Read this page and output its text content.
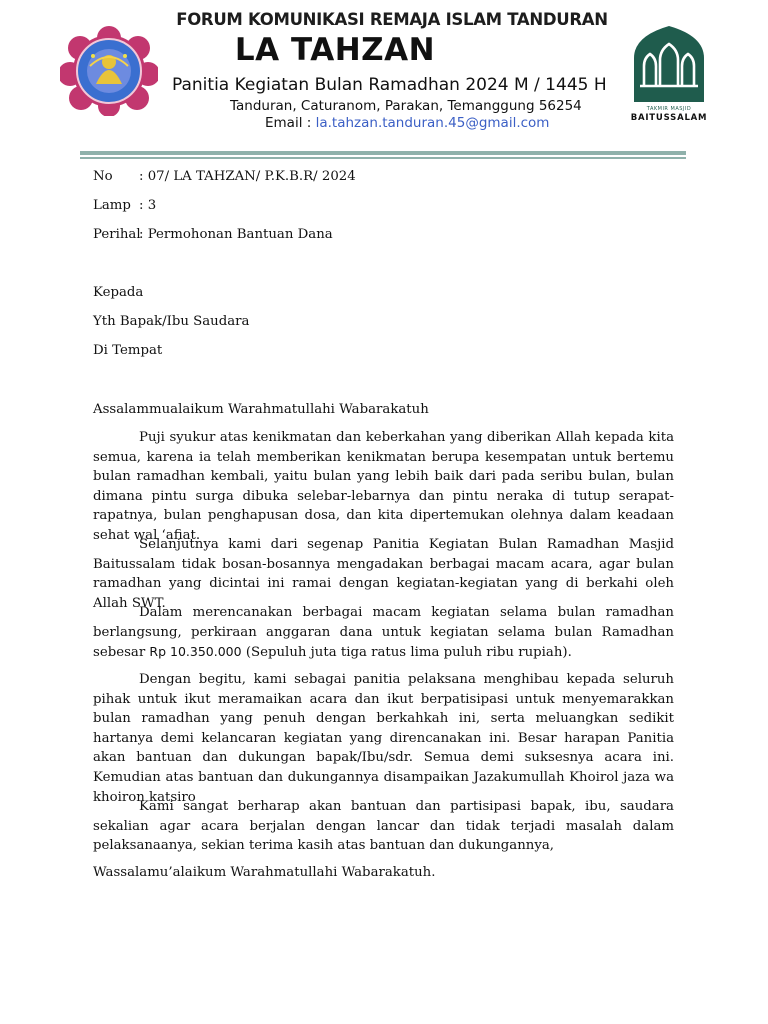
FORUM KOMUNIKASI REMAJA ISLAM TANDURAN
LA TAHZAN
Panitia Kegiatan Bulan Ramadhan 2024 M / 1445 H
Tanduran, Caturanom, Parakan, Temanggung 56254
Email : la.tahzan.tanduran.45@gmail.com
TAKMIR MASJID
BAITUSSALAM
No : 07/ LA TAHZAN/ P.K.B.R/ 2024
Lamp : 3
Perihal: Permohonan Bantuan Dana
Kepada
Yth Bapak/Ibu Saudara
Di Tempat
Assalammualaikum Warahmatullahi Wabarakatuh

Puji syukur atas kenikmatan dan keberkahan yang diberikan Allah kepada kita semua, karena ia telah memberikan kenikmatan berupa kesempatan untuk bertemu bulan ramadhan kembali, yaitu bulan yang lebih baik dari pada seribu bulan, bulan dimana pintu surga dibuka selebar-lebarnya dan pintu neraka di tutup serapat-rapatnya, bulan penghapusan dosa, dan kita dipertemukan olehnya dalam keadaan sehat wal ‘afiat.

Selanjutnya kami dari segenap Panitia Kegiatan Bulan Ramadhan Masjid Baitussalam tidak bosan-bosannya mengadakan berbagai macam acara, agar bulan ramadhan yang dicintai ini ramai dengan kegiatan-kegiatan yang di berkahi oleh Allah SWT.

Dalam merencanakan berbagai macam kegiatan selama bulan ramadhan berlangsung, perkiraan anggaran dana untuk kegiatan selama bulan Ramadhan sebesar Rp 10.350.000 (Sepuluh juta tiga ratus lima puluh ribu rupiah).

Dengan begitu, kami sebagai panitia pelaksana menghibau kepada seluruh pihak untuk ikut meramaikan acara dan ikut berpatisipasi untuk menyemarakkan bulan ramadhan yang penuh dengan berkahkah ini, serta meluangkan sedikit hartanya demi kelancaran kegiatan yang direncanakan ini. Besar harapan Panitia akan bantuan dan dukungan bapak/Ibu/sdr. Semua demi suksesnya acara ini. Kemudian atas bantuan dan dukungannya disampaikan Jazakumullah Khoirol jaza wa khoiron katsiro

Kami sangat berharap akan bantuan dan partisipasi bapak, ibu, saudara sekalian agar acara berjalan dengan lancar dan tidak terjadi masalah dalam pelaksanaanya, sekian terima kasih atas bantuan dan dukungannya,

Wassalamu’alaikum Warahmatullahi Wabarakatuh.
